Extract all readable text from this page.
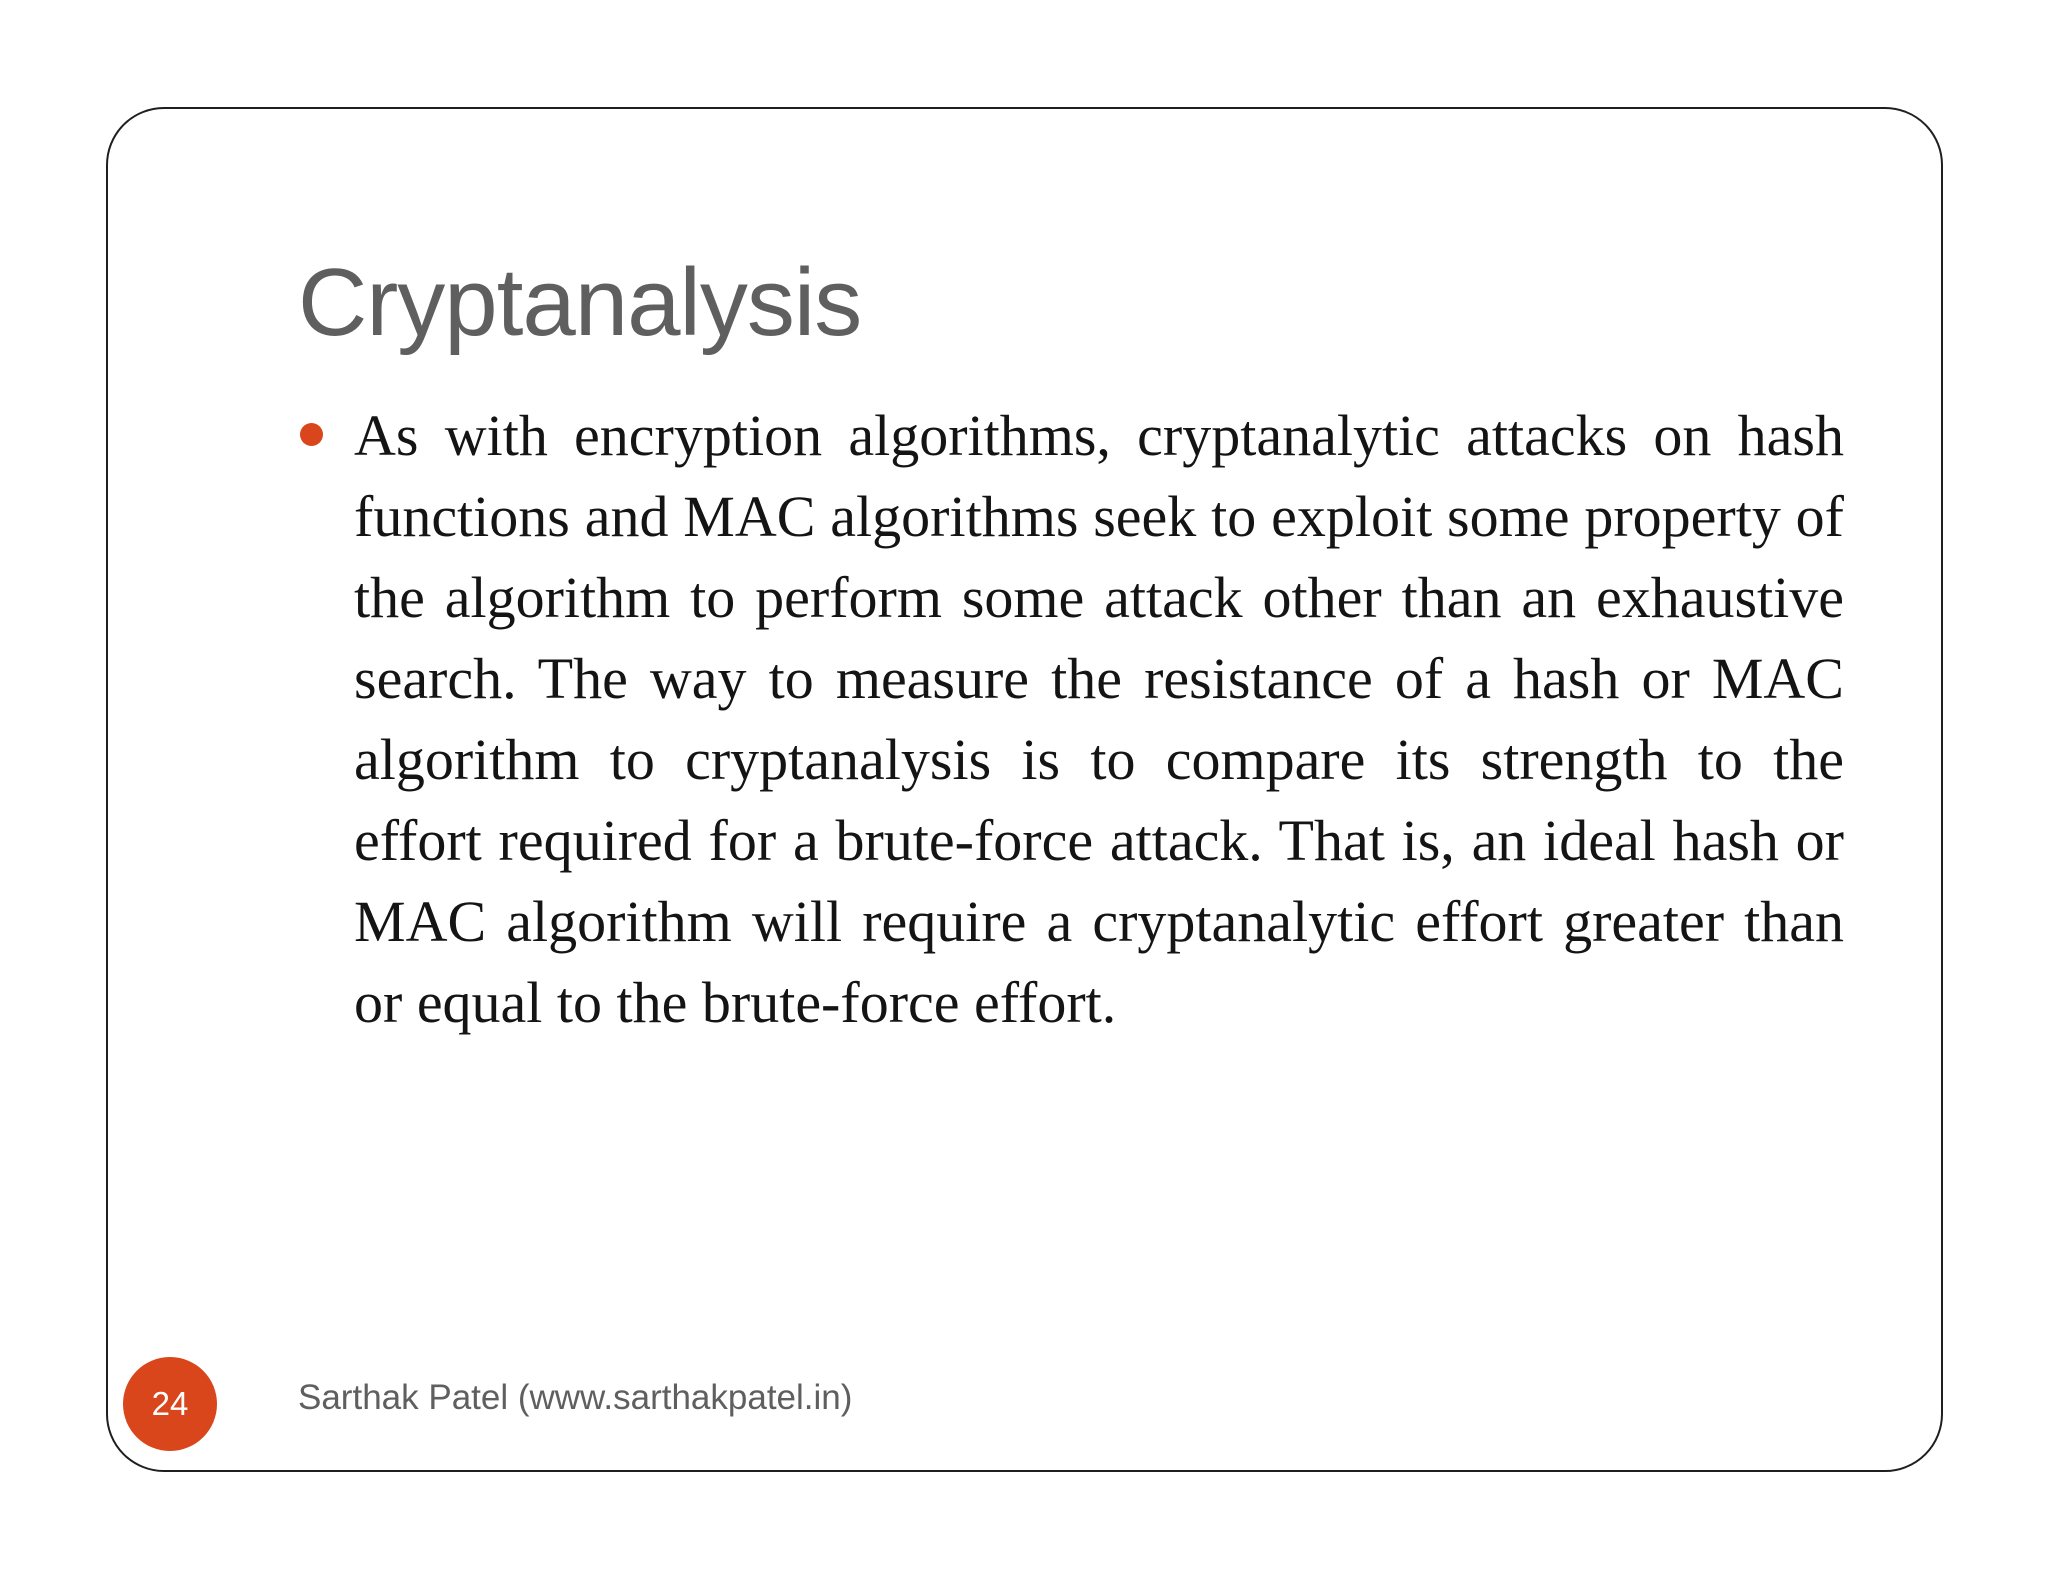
Cryptanalysis

As with encryption algorithms, cryptanalytic attacks on hash functions and MAC algorithms seek to exploit some property of the algorithm to perform some attack other than an exhaustive search. The way to measure the resistance of a hash or MAC algorithm to cryptanalysis is to compare its strength to the effort required for a brute-force attack. That is, an ideal hash or MAC algorithm will require a cryptanalytic effort greater than or equal to the brute-force effort.

24	Sarthak Patel (www.sarthakpatel.in)
